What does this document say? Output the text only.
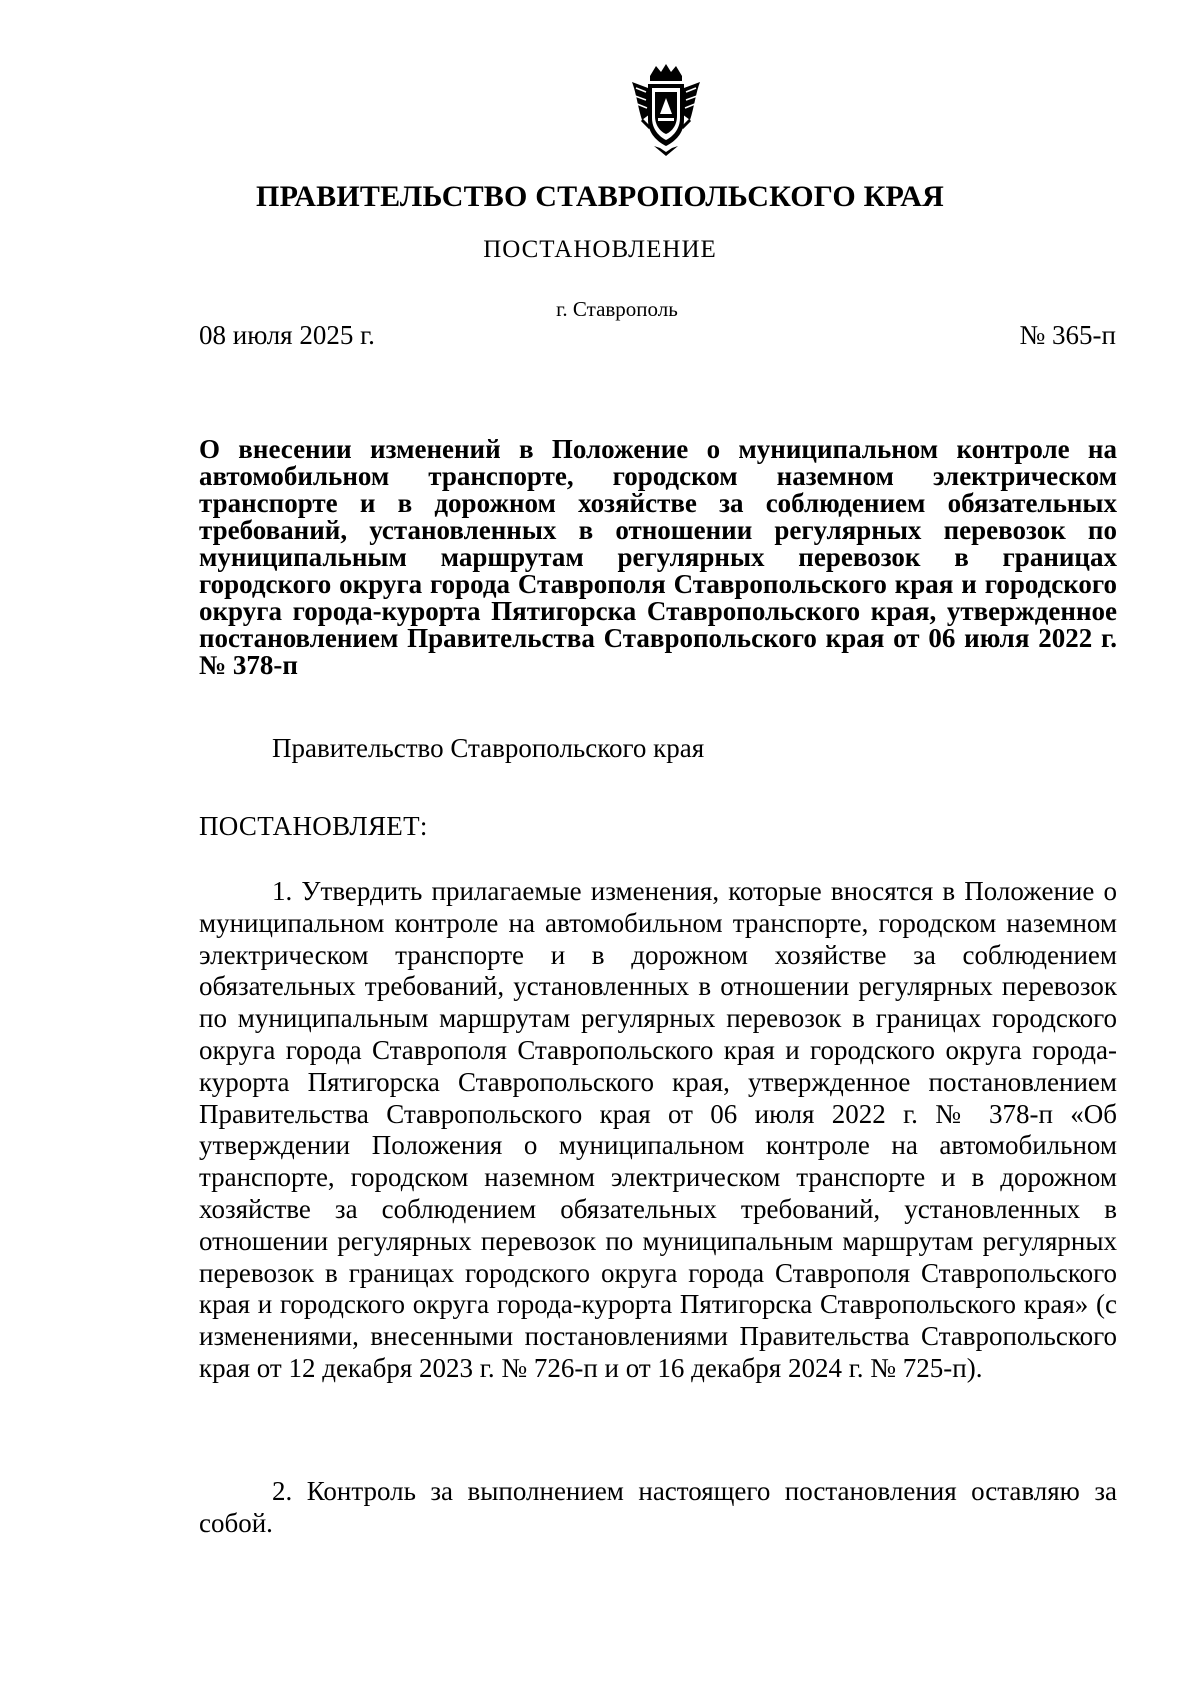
ПРАВИТЕЛЬСТВО СТАВРОПОЛЬСКОГО КРАЯ
ПОСТАНОВЛЕНИЕ
г. Ставрополь
08 июля 2025 г.	№ 365-п

О внесении изменений в Положение о муниципальном контроле на автомобильном транспорте, городском наземном электрическом транспорте и в дорожном хозяйстве за соблюдением обязательных требований, установленных в отношении регулярных перевозок по муниципальным маршрутам регулярных перевозок в границах городского округа города Ставрополя Ставропольского края и городского округа города-курорта Пятигорска Ставропольского края, утвержденное постановлением Правительства Ставропольского края от 06 июля 2022 г. № 378-п

Правительство Ставропольского края
ПОСТАНОВЛЯЕТ:

1. Утвердить прилагаемые изменения, которые вносятся в Положение о муниципальном контроле на автомобильном транспорте, городском наземном электрическом транспорте и в дорожном хозяйстве за соблюдением обязательных требований, установленных в отношении регулярных перевозок по муниципальным маршрутам регулярных перевозок в границах городского округа города Ставрополя Ставропольского края и городского округа города-курорта Пятигорска Ставропольского края, утвержденное постановлением Правительства Ставропольского края от 06 июля 2022 г. № 378-п «Об утверждении Положения о муниципальном контроле на автомобильном транспорте, городском наземном электрическом транспорте и в дорожном хозяйстве за соблюдением обязательных требований, установленных в отношении регулярных перевозок по муниципальным маршрутам регулярных перевозок в границах городского округа города Ставрополя Ставропольского края и городского округа города-курорта Пятигорска Ставропольского края» (с изменениями, внесенными постановлениями Правительства Ставропольского края от 12 декабря 2023 г. № 726-п и от 16 декабря 2024 г. № 725-п).

2. Контроль за выполнением настоящего постановления оставляю за собой.
